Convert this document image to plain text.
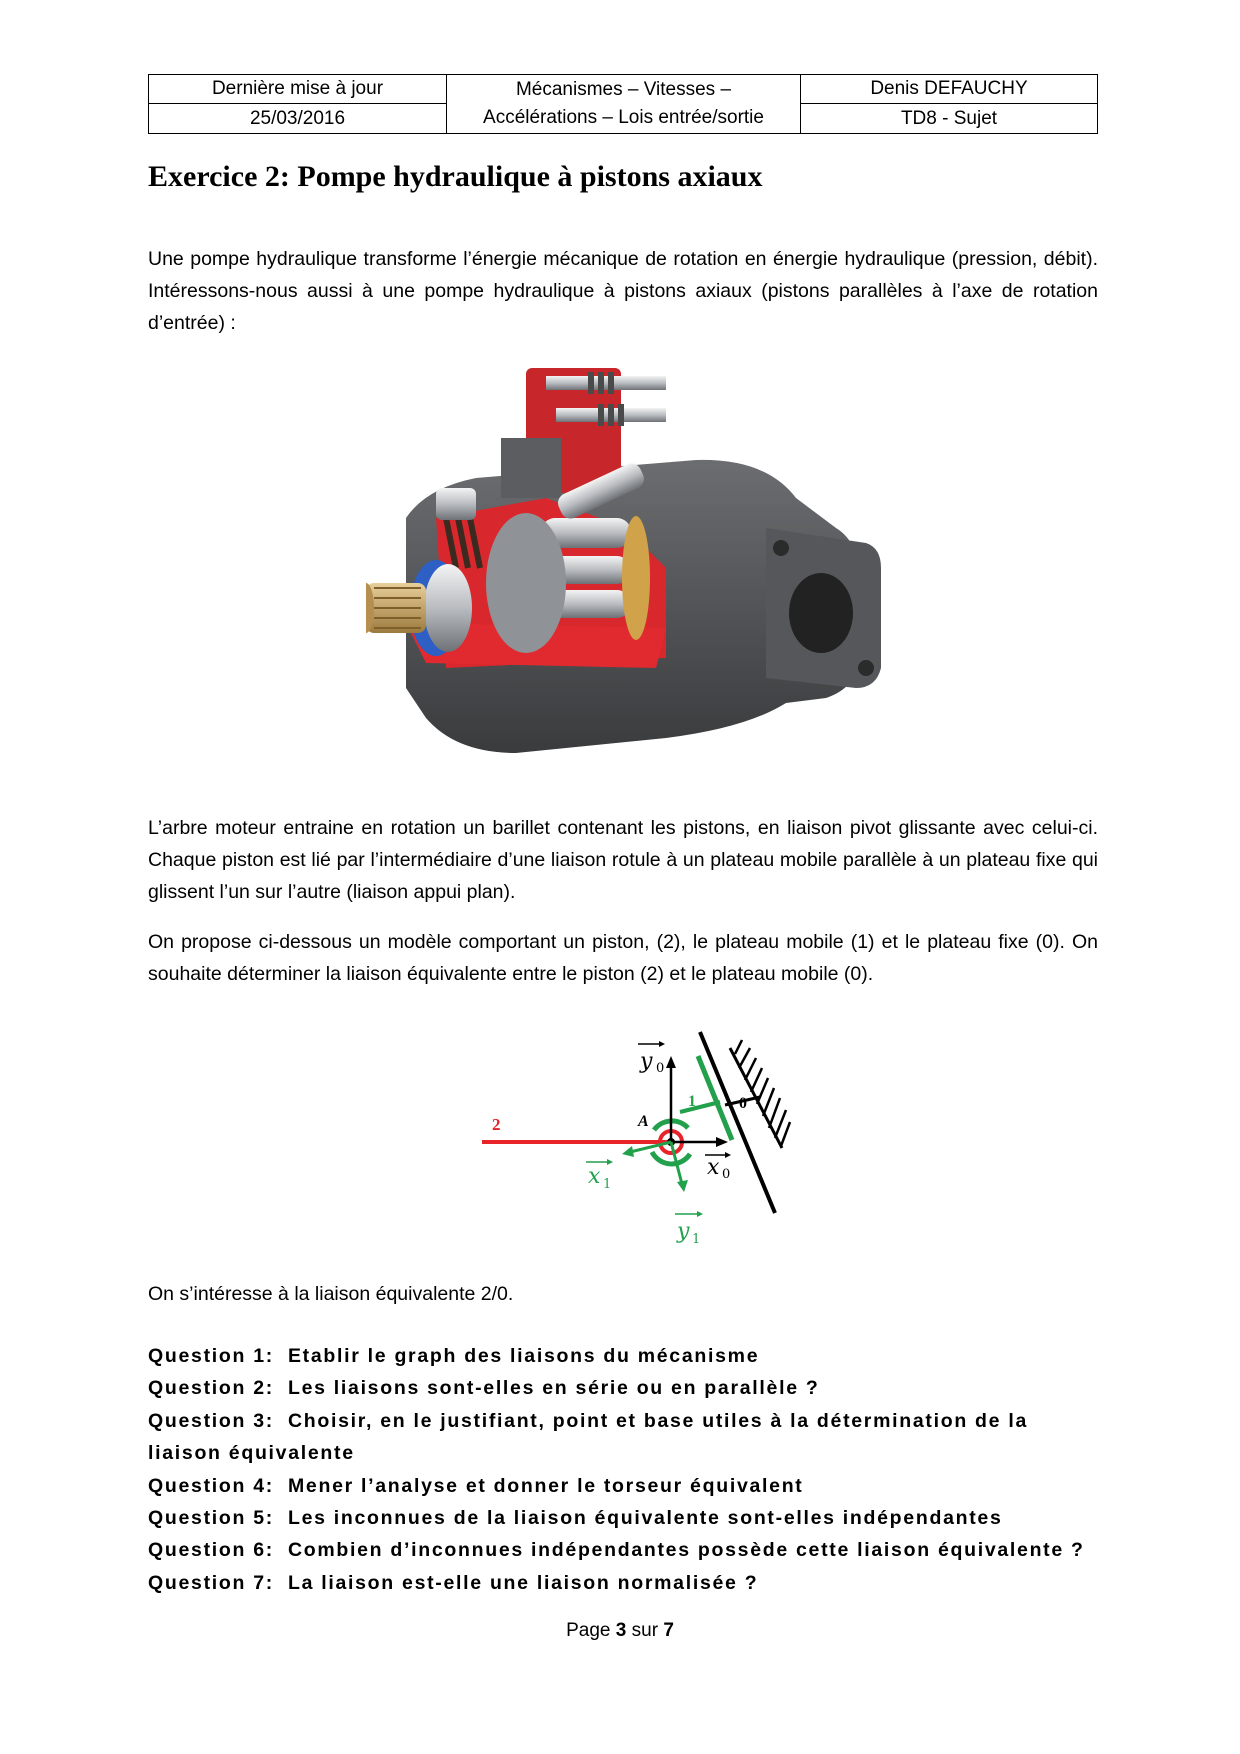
Dernière mise à jour
25/03/2016
Mécanismes – Vitesses –
Accélérations – Lois entrée/sortie
Denis DEFAUCHY
TD8 - Sujet
Exercice 2: Pompe hydraulique à pistons axiaux

Une pompe hydraulique transforme l’énergie mécanique de rotation en énergie hydraulique (pression, débit). Intéressons-nous aussi à une pompe hydraulique à pistons axiaux (pistons parallèles à l’axe de rotation d’entrée) :

L’arbre moteur entraine en rotation un barillet contenant les pistons, en liaison pivot glissante avec celui-ci. Chaque piston est lié par l’intermédiaire d’une liaison rotule à un plateau mobile parallèle à un plateau fixe qui glissent l’un sur l’autre (liaison appui plan).

On propose ci-dessous un modèle comportant un piston, (2), le plateau mobile (1) et le plateau fixe (0). On souhaite déterminer la liaison équivalente entre le piston (2) et le plateau mobile (0).

2	A
1	0
y 0
x 0
x 1
y 1

On s’intéresse à la liaison équivalente 2/0.

Question 1: Etablir le graph des liaisons du mécanisme
Question 2: Les liaisons sont-elles en série ou en parallèle ?
Question 3: Choisir, en le justifiant, point et base utiles à la détermination de la
liaison équivalente
Question 4: Mener l’analyse et donner le torseur équivalent
Question 5: Les inconnues de la liaison équivalente sont-elles indépendantes
Question 6: Combien d’inconnues indépendantes possède cette liaison équivalente ?
Question 7: La liaison est-elle une liaison normalisée ?
Page 3 sur 7
